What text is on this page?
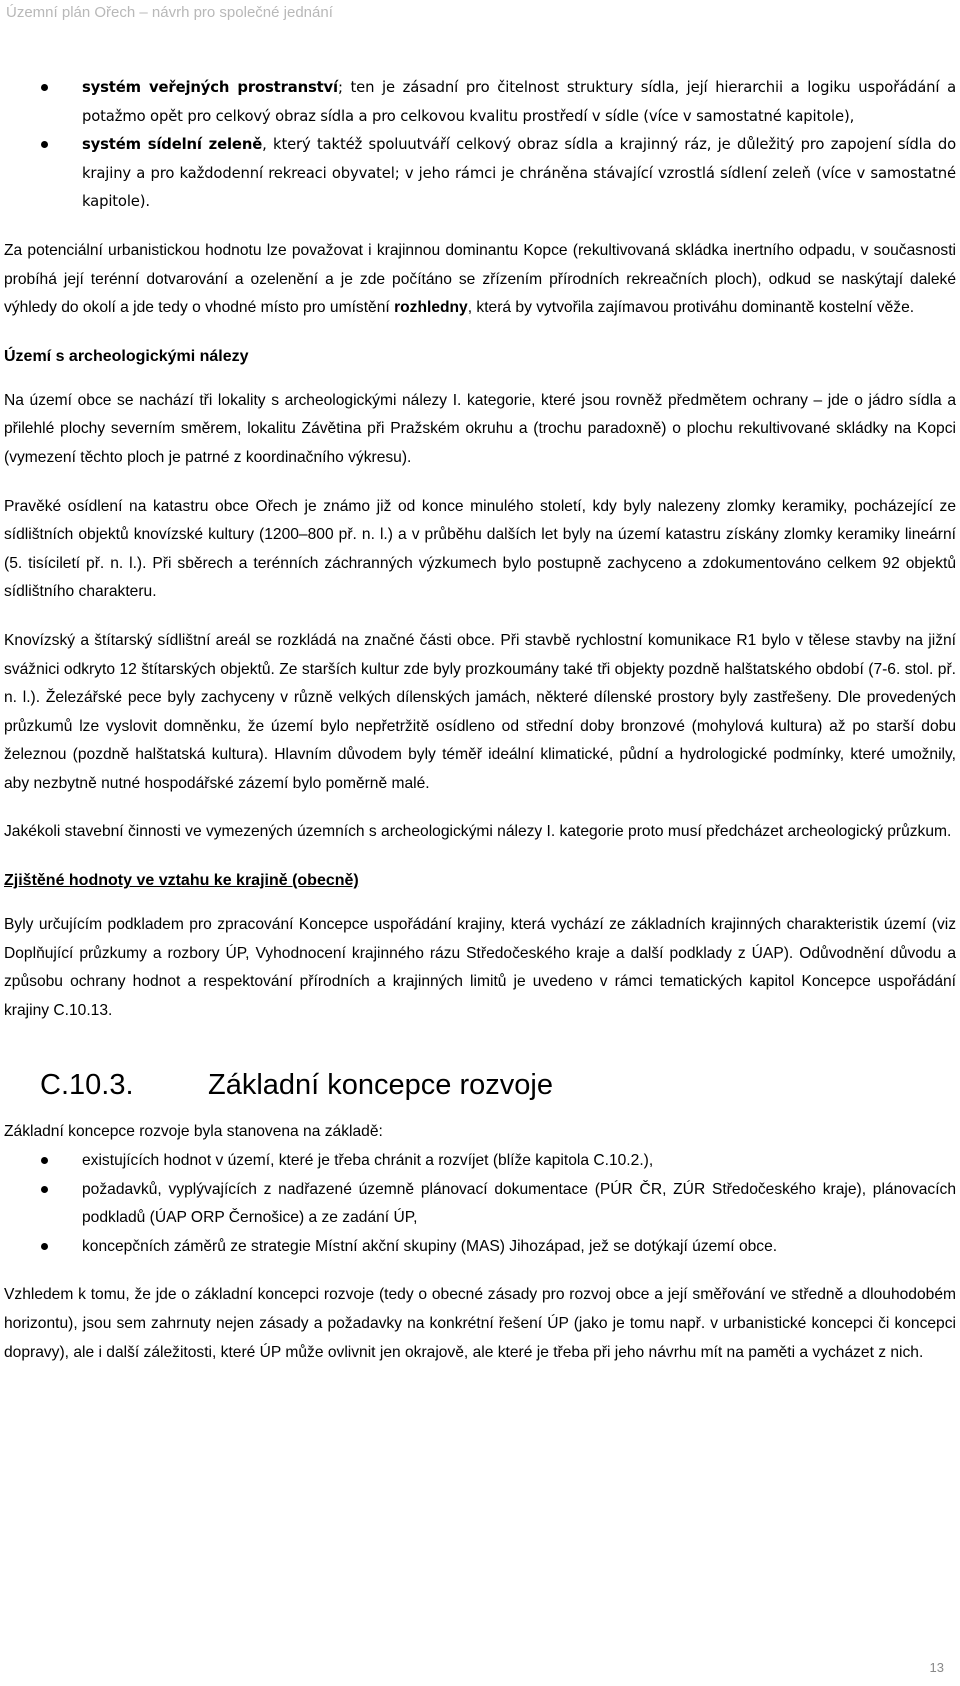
Územní plán Ořech – návrh pro společné jednání
systém veřejných prostranství; ten je zásadní pro čitelnost struktury sídla, její hierarchii a logiku uspořádání a potažmo opět pro celkový obraz sídla a pro celkovou kvalitu prostředí v sídle (více v samostatné kapitole),
systém sídelní zeleně, který taktéž spoluutváří celkový obraz sídla a krajinný ráz, je důležitý pro zapojení sídla do krajiny a pro každodenní rekreaci obyvatel; v jeho rámci je chráněna stávající vzrostlá sídlení zeleň (více v samostatné kapitole).

Za potenciální urbanistickou hodnotu lze považovat i krajinnou dominantu Kopce (rekultivovaná skládka inertního odpadu, v současnosti probíhá její terénní dotvarování a ozelenění a je zde počítáno se zřízením přírodních rekreačních ploch), odkud se naskýtají daleké výhledy do okolí a jde tedy o vhodné místo pro umístění rozhledny, která by vytvořila zajímavou protiváhu dominantě kostelní věže.

Území s archeologickými nálezy

Na území obce se nachází tři lokality s archeologickými nálezy I. kategorie, které jsou rovněž předmětem ochrany – jde o jádro sídla a přilehlé plochy severním směrem, lokalitu Závětina při Pražském okruhu a (trochu paradoxně) o plochu rekultivované skládky na Kopci (vymezení těchto ploch je patrné z koordinačního výkresu).

Pravěké osídlení na katastru obce Ořech je známo již od konce minulého století, kdy byly nalezeny zlomky keramiky, pocházející ze sídlištních objektů knovízské kultury (1200–800 př. n. l.) a v průběhu dalších let byly na území katastru získány zlomky keramiky lineární (5. tisíciletí př. n. l.). Při sběrech a terénních záchranných výzkumech bylo postupně zachyceno a zdokumentováno celkem 92 objektů sídlištního charakteru.

Knovízský a štítarský sídlištní areál se rozkládá na značné části obce. Při stavbě rychlostní komunikace R1 bylo v tělese stavby na jižní svážnici odkryto 12 štítarských objektů. Ze starších kultur zde byly prozkoumány také tři objekty pozdně halštatského období (7-6. stol. př. n. l.). Železářské pece byly zachyceny v různě velkých dílenských jamách, některé dílenské prostory byly zastřešeny. Dle provedených průzkumů lze vyslovit domněnku, že území bylo nepřetržitě osídleno od střední doby bronzové (mohylová kultura) až po starší dobu železnou (pozdně halštatská kultura). Hlavním důvodem byly téměř ideální klimatické, půdní a hydrologické podmínky, které umožnily, aby nezbytně nutné hospodářské zázemí bylo poměrně malé.

Jakékoli stavební činnosti ve vymezených územních s archeologickými nálezy I. kategorie proto musí předcházet archeologický průzkum.

Zjištěné hodnoty ve vztahu ke krajině (obecně)

Byly určujícím podkladem pro zpracování Koncepce uspořádání krajiny, která vychází ze základních krajinných charakteristik území (viz Doplňující průzkumy a rozbory ÚP, Vyhodnocení krajinného rázu Středočeského kraje a další podklady z ÚAP). Odůvodnění důvodu a způsobu ochrany hodnot a respektování přírodních a krajinných limitů je uvedeno v rámci tematických kapitol Koncepce uspořádání krajiny C.10.13.

C.10.3.	Základní koncepce rozvoje

Základní koncepce rozvoje byla stanovena na základě:

existujících hodnot v území, které je třeba chránit a rozvíjet (blíže kapitola C.10.2.),
požadavků, vyplývajících z nadřazené územně plánovací dokumentace (PÚR ČR, ZÚR Středočeského kraje), plánovacích podkladů (ÚAP ORP Černošice) a ze zadání ÚP,
koncepčních záměrů ze strategie Místní akční skupiny (MAS) Jihozápad, jež se dotýkají území obce.

Vzhledem k tomu, že jde o základní koncepci rozvoje (tedy o obecné zásady pro rozvoj obce a její směřování ve středně a dlouhodobém horizontu), jsou sem zahrnuty nejen zásady a požadavky na konkrétní řešení ÚP (jako je tomu např. v urbanistické koncepci či koncepci dopravy), ale i další záležitosti, které ÚP může ovlivnit jen okrajově, ale které je třeba při jeho návrhu mít na paměti a vycházet z nich.

13
